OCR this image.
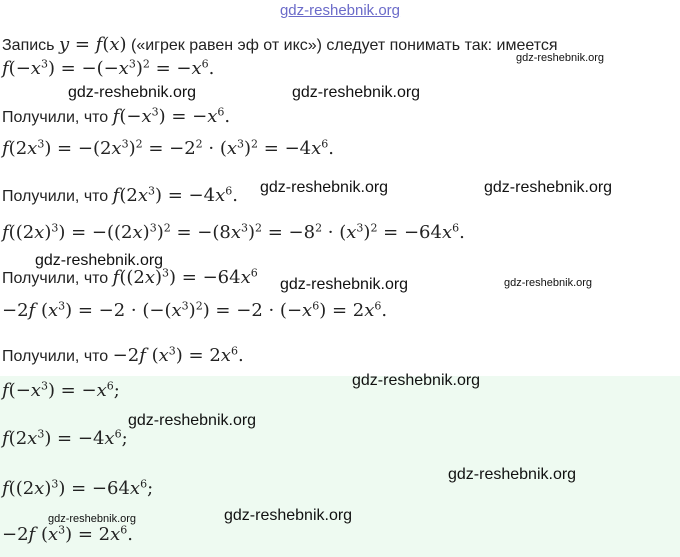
gdz-reshebnik.org
Запись y = f(x) («игрек равен эф от икс») следует понимать так: имеется
$f(-x^3) = -(-x^3)^2 = -x^6$.
Получили, что $f(-x^3) = -x^6$.
$f(2x^3) = -(2x^3)^2 = -2^2 \cdot (x^3)^2 = -4x^6$.
Получили, что $f(2x^3) = -4x^6$.
$f((2x)^3) = -((2x)^3)^2 = -(8x^3)^2 = -8^2 \cdot (x^3)^2 = -64x^6$.
Получили, что $f((2x)^3) = -64x^6$
−2f $(x^3) = -2 \cdot (-(x^3)^2) = -2 \cdot (-x^6) = 2x^6$.
Получили, что −2f $(x^3) = 2x^6$.
$f(-x^3) = -x^6$;
$f(2x^3) = -4x^6$;
$f((2x)^3) = -64x^6$;
−2f $(x^3) = 2x^6$.
gdz-reshebnik.org
gdz-reshebnik.org	gdz-reshebnik.org
gdz-reshebnik.org	gdz-reshebnik.org
gdz-reshebnik.org
gdz-reshebnik.org	gdz-reshebnik.org
gdz-reshebnik.org
gdz-reshebnik.org
gdz-reshebnik.org
gdz-reshebnik.org	gdz-reshebnik.org
